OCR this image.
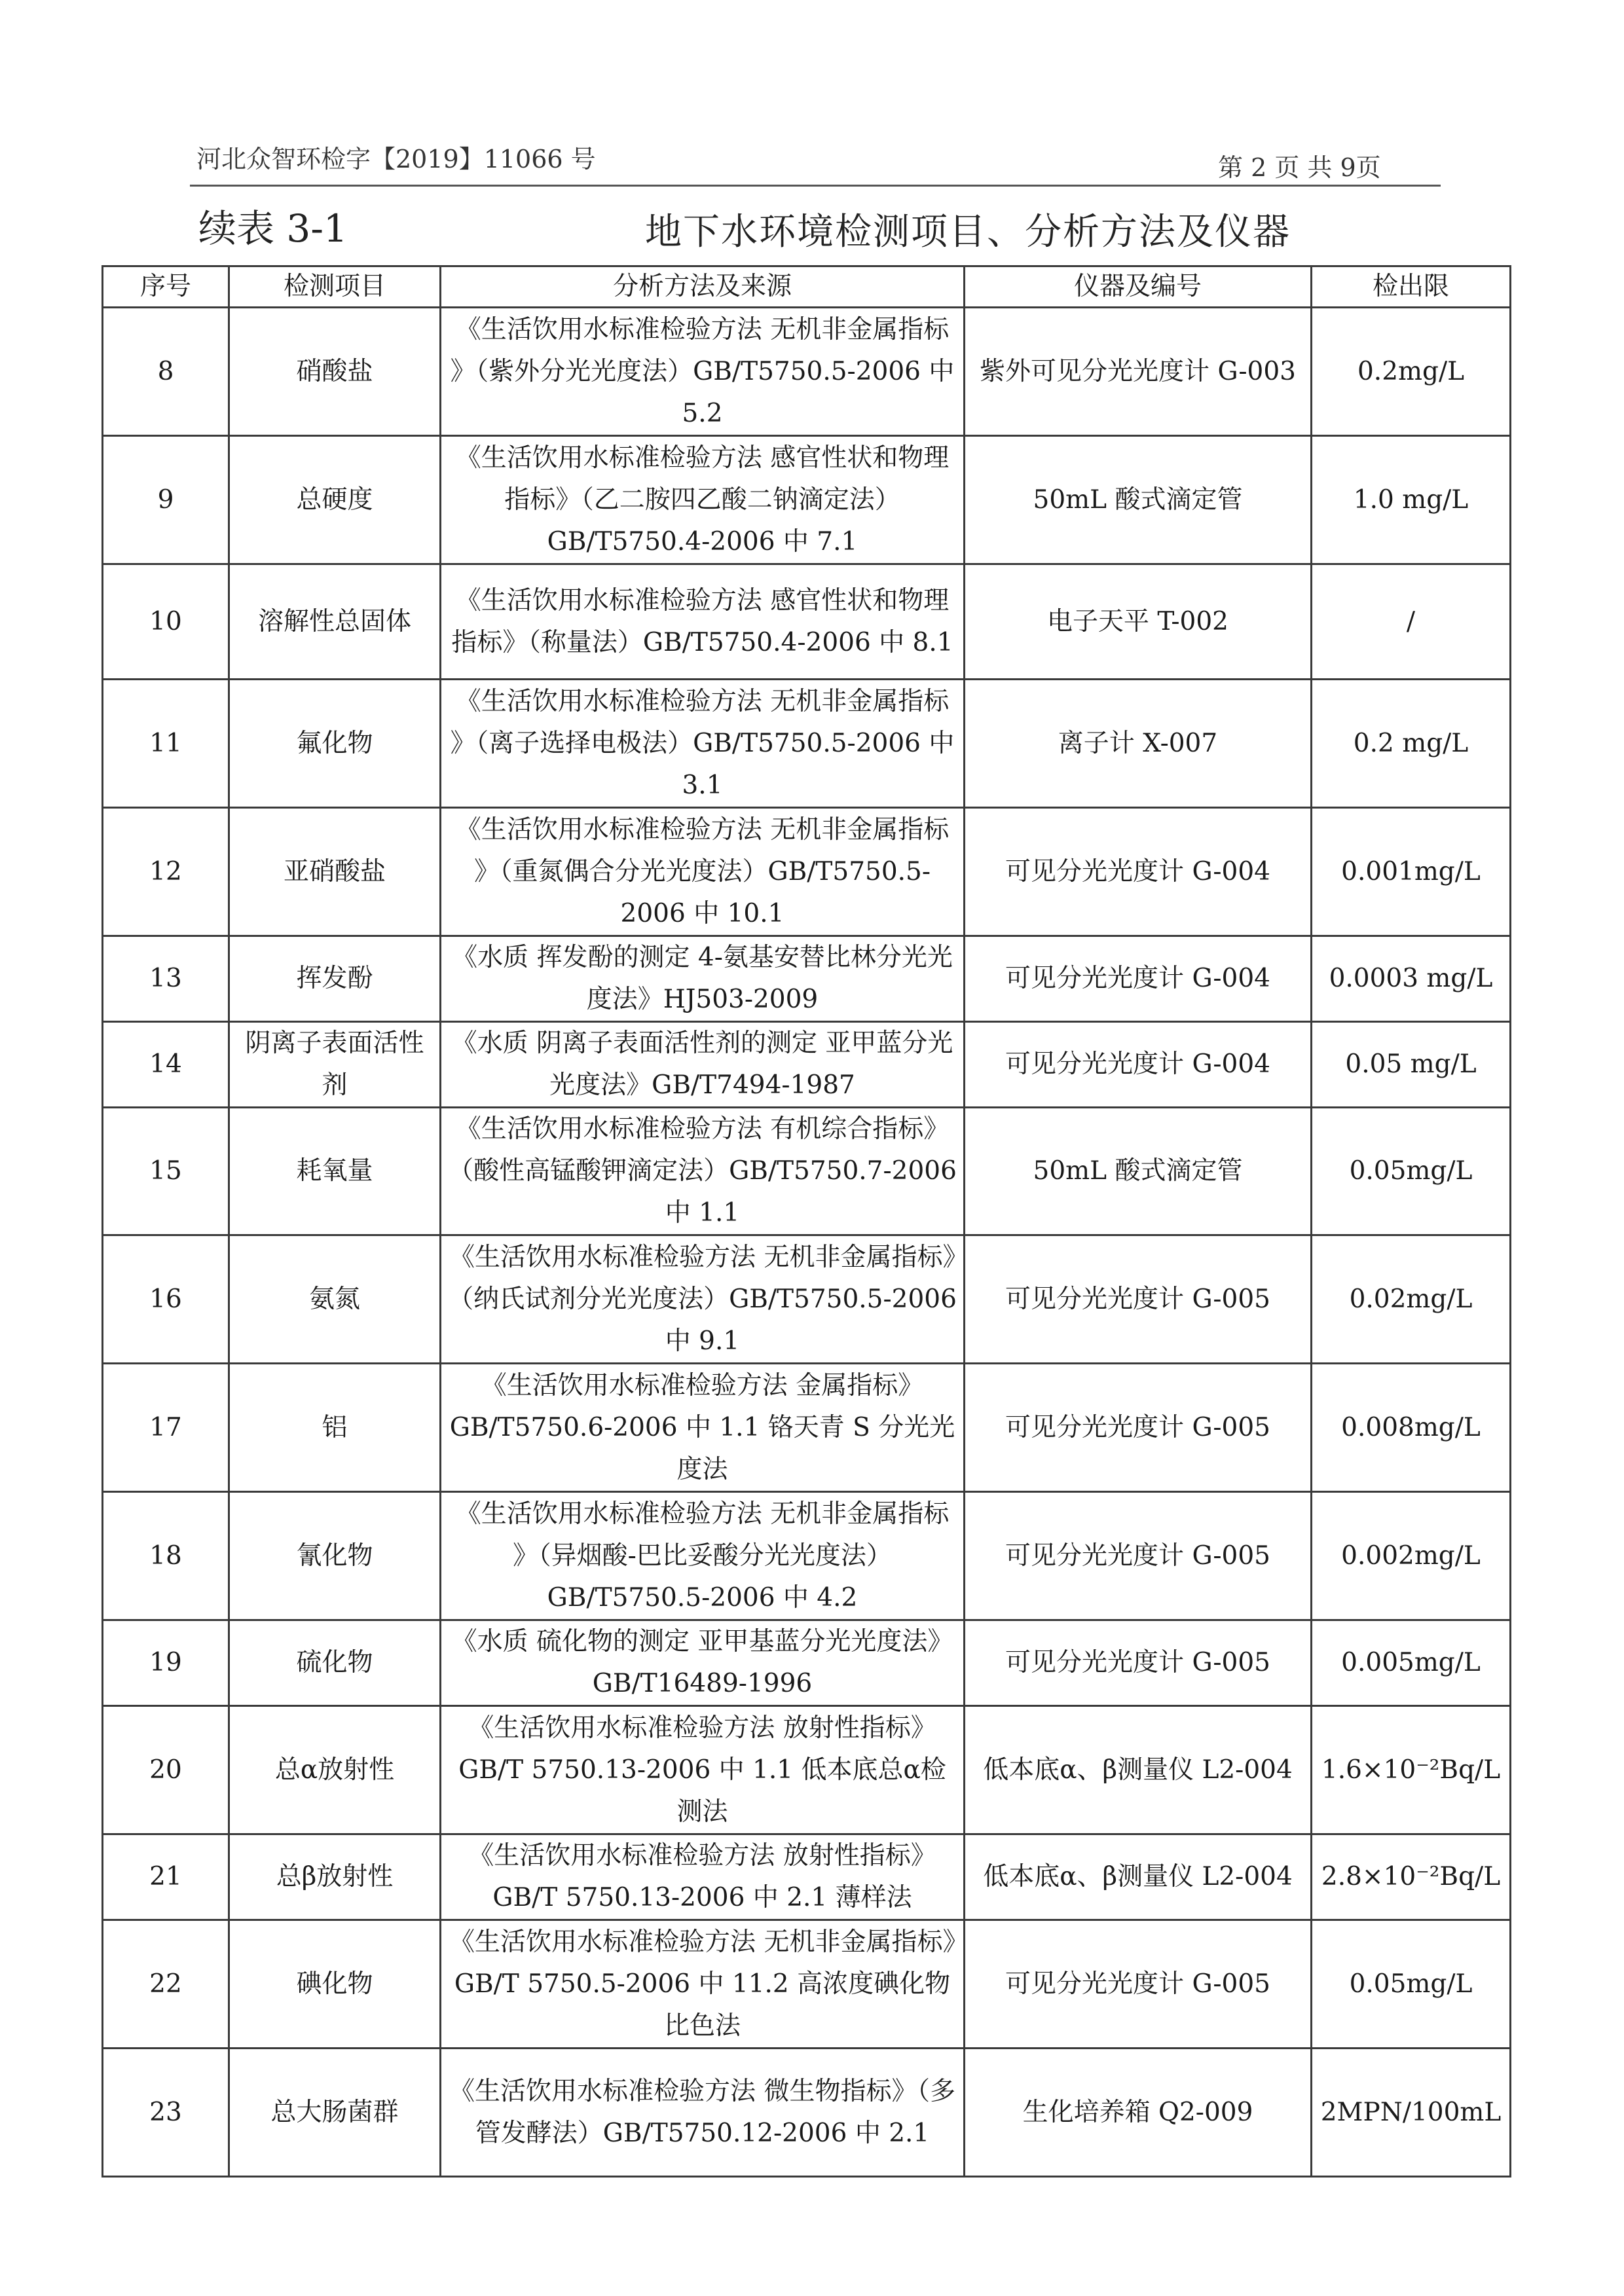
河北众智环检字【2019】11066 号	第 2 页 共 9页
续表 3-1	地下水环境检测项目、分析方法及仪器
序号	检测项目	分析方法及来源	仪器及编号	检出限
8	硝酸盐	《生活饮用水标准检验方法 无机非金属指标 》（紫外分光光度法）GB/T5750.5-2006 中 5.2	紫外可见分光光度计 G-003	0.2mg/L
9	总硬度	《生活饮用水标准检验方法 感官性状和物理指标》（乙二胺四乙酸二钠滴定法）GB/T5750.4-2006 中 7.1	50mL 酸式滴定管	1.0 mg/L
10	溶解性总固体	《生活饮用水标准检验方法 感官性状和物理指标》（称量法）GB/T5750.4-2006 中 8.1	电子天平 T-002	/
11	氟化物	《生活饮用水标准检验方法 无机非金属指标 》（离子选择电极法）GB/T5750.5-2006 中 3.1	离子计 X-007	0.2 mg/L
12	亚硝酸盐	《生活饮用水标准检验方法 无机非金属指标 》（重氮偶合分光光度法）GB/T5750.5-2006 中 10.1	可见分光光度计 G-004	0.001mg/L
13	挥发酚	《水质 挥发酚的测定 4-氨基安替比林分光光度法》HJ503-2009	可见分光光度计 G-004	0.0003 mg/L
14	阴离子表面活性剂	《水质 阴离子表面活性剂的测定 亚甲蓝分光光度法》GB/T7494-1987	可见分光光度计 G-004	0.05 mg/L
15	耗氧量	《生活饮用水标准检验方法 有机综合指标》（酸性高锰酸钾滴定法）GB/T5750.7-2006 中 1.1	50mL 酸式滴定管	0.05mg/L
16	氨氮	《生活饮用水标准检验方法 无机非金属指标》（纳氏试剂分光光度法）GB/T5750.5-2006 中 9.1	可见分光光度计 G-005	0.02mg/L
17	铝	《生活饮用水标准检验方法 金属指标》GB/T5750.6-2006 中 1.1 铬天青 S 分光光度法	可见分光光度计 G-005	0.008mg/L
18	氰化物	《生活饮用水标准检验方法 无机非金属指标 》（异烟酸-巴比妥酸分光光度法）GB/T5750.5-2006 中 4.2	可见分光光度计 G-005	0.002mg/L
19	硫化物	《水质 硫化物的测定 亚甲基蓝分光光度法》GB/T16489-1996	可见分光光度计 G-005	0.005mg/L
20	总α放射性	《生活饮用水标准检验方法 放射性指标》GB/T 5750.13-2006 中 1.1 低本底总α检测法	低本底α、β测量仪 L2-004	1.6×10⁻²Bq/L
21	总β放射性	《生活饮用水标准检验方法 放射性指标》GB/T 5750.13-2006 中 2.1 薄样法	低本底α、β测量仪 L2-004	2.8×10⁻²Bq/L
22	碘化物	《生活饮用水标准检验方法 无机非金属指标》GB/T 5750.5-2006 中 11.2 高浓度碘化物比色法	可见分光光度计 G-005	0.05mg/L
23	总大肠菌群	《生活饮用水标准检验方法 微生物指标》（多管发酵法）GB/T5750.12-2006 中 2.1	生化培养箱 Q2-009	2MPN/100mL
